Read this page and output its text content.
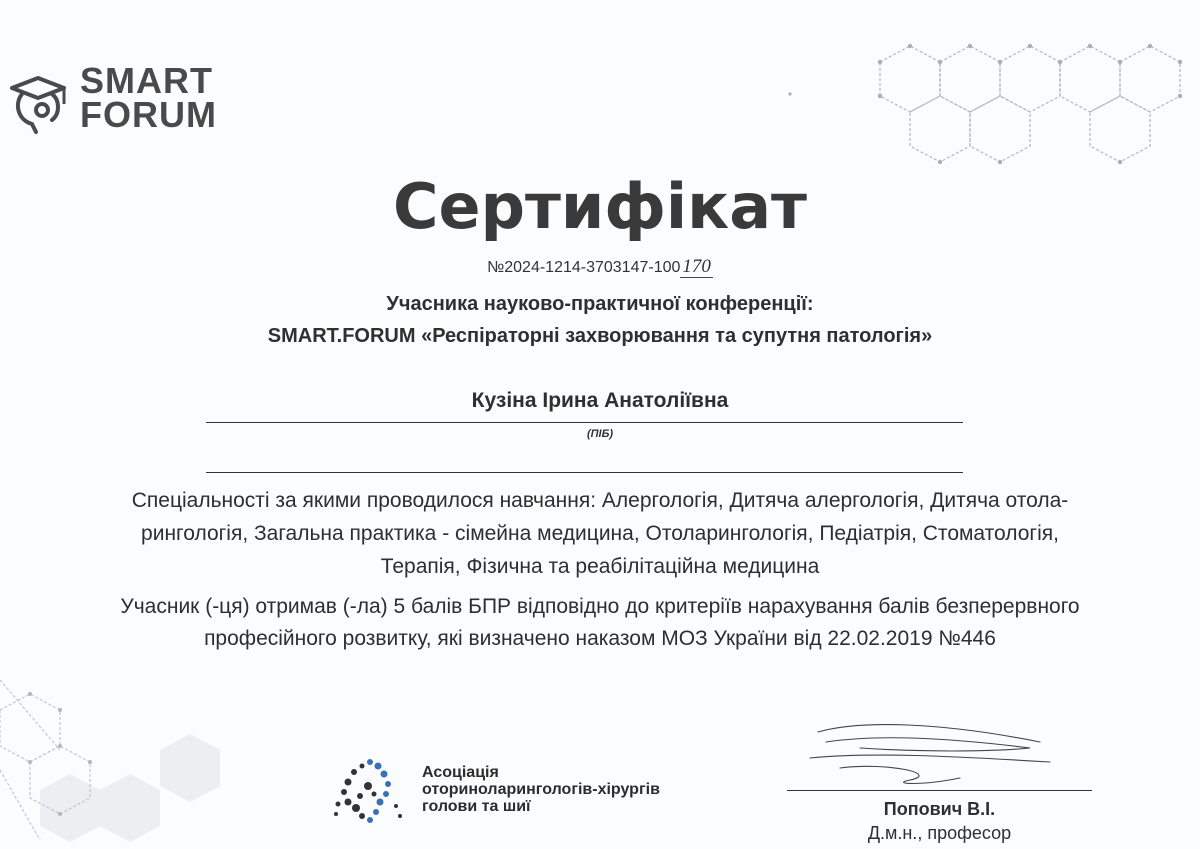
SMART
FORUM
Сертифікат
№2024-1214-3703147-100 170
Учасника науково-практичної конференції:
SMART.FORUM «Респіраторні захворювання та супутня патологія»
Кузіна Ірина Анатоліївна
(ПІБ)
Спеціальності за якими проводилося навчання: Алергологія, Дитяча алергологія, Дитяча отола-
рингологія, Загальна практика - сімейна медицина, Отоларингологія, Педіатрія, Стоматологія,
Терапія, Фізична та реабілітаційна медицина
Учасник (-ця) отримав (-ла) 5 балів БПР відповідно до критеріїв нарахування балів безперервного
професійного розвитку, які визначено наказом МОЗ України від 22.02.2019 №446
Асоціація
оториноларингологів-хірургів
голови та шиї	Попович В.І.
Д.м.н., професор
